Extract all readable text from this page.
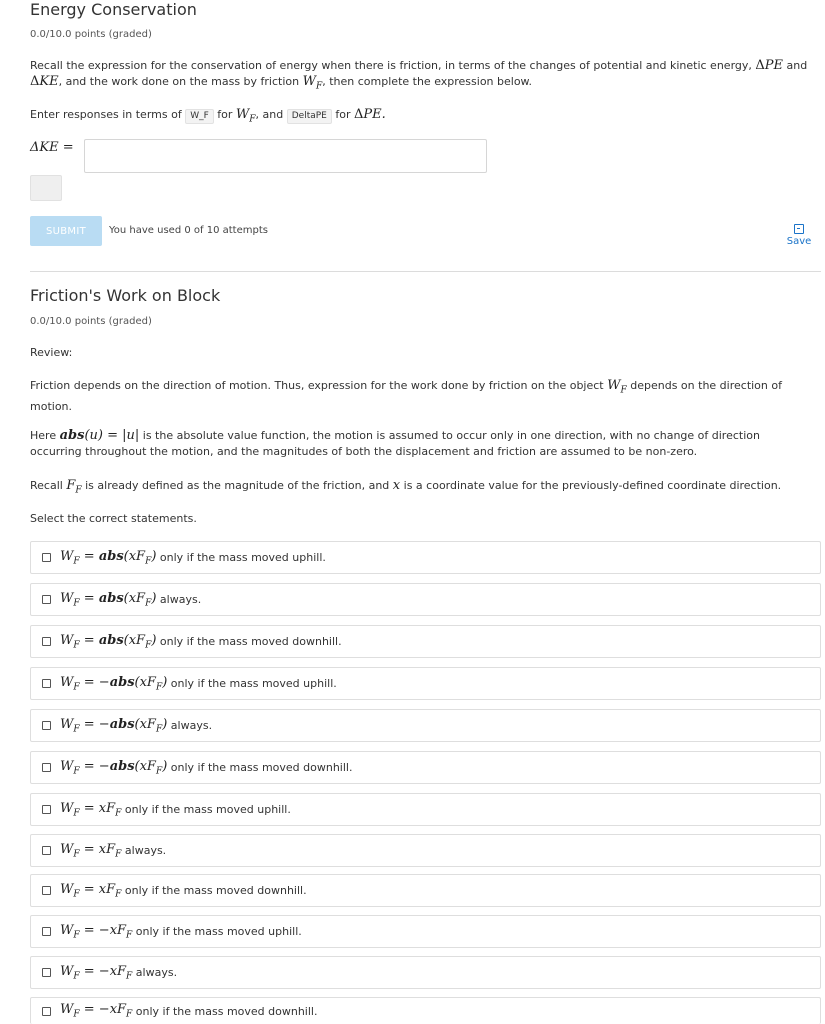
Energy Conservation
0.0/10.0 points (graded)

Recall the expression for the conservation of energy when there is friction, in terms of the changes of potential and kinetic energy, ΔPE and ΔKE, and the work done on the mass by friction $W_F$, then complete the expression below.

Enter responses in terms of W_F for $W_F$, and DeltaPE for ΔPE.

ΔKE =
SUBMIT	You have used 0 of 10 attempts
Save
Friction's Work on Block
0.0/10.0 points (graded)
Review:

Friction depends on the direction of motion. Thus, expression for the work done by friction on the object $W_F$ depends on the direction of motion.

Here abs(u) = |u| is the absolute value function, the motion is assumed to occur only in one direction, with no change of direction occurring throughout the motion, and the magnitudes of both the displacement and friction are assumed to be non-zero.

Recall $F_F$ is already defined as the magnitude of the friction, and x is a coordinate value for the previously-defined coordinate direction.

Select the correct statements.
$W_F = abs(xF_F)$
only if the mass moved uphill.
$W_F = abs(xF_F)$
always.
$W_F = abs(xF_F)$
only if the mass moved downhill.
$W_F = -abs(xF_F)$
only if the mass moved uphill.
$W_F = -abs(xF_F)$
always.
$W_F = -abs(xF_F)$
only if the mass moved downhill.
$W_F = xF_F$
only if the mass moved uphill.
$W_F = xF_F$
always.
$W_F = xF_F$
only if the mass moved downhill.
$W_F = -xF_F$
only if the mass moved uphill.
$W_F = -xF_F$
always.
$W_F = -xF_F$
only if the mass moved downhill.
